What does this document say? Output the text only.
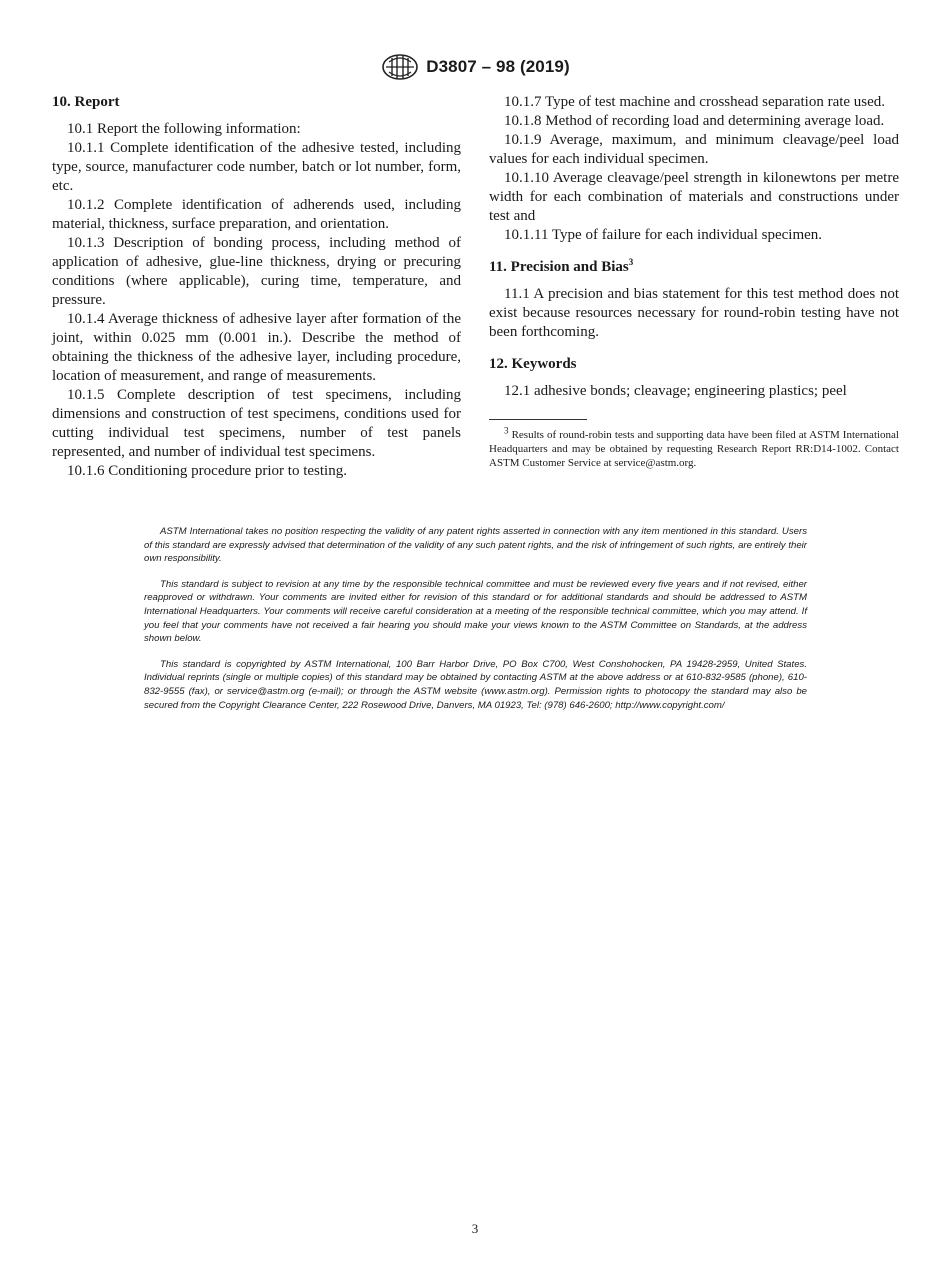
D3807 – 98 (2019)

10. Report

10.1 Report the following information:

10.1.1 Complete identification of the adhesive tested, including type, source, manufacturer code number, batch or lot number, form, etc.

10.1.2 Complete identification of adherends used, including material, thickness, surface preparation, and orientation.

10.1.3 Description of bonding process, including method of application of adhesive, glue-line thickness, drying or precuring conditions (where applicable), curing time, temperature, and pressure.

10.1.4 Average thickness of adhesive layer after formation of the joint, within 0.025 mm (0.001 in.). Describe the method of obtaining the thickness of the adhesive layer, including procedure, location of measurement, and range of measurements.

10.1.5 Complete description of test specimens, including dimensions and construction of test specimens, conditions used for cutting individual test specimens, number of test panels represented, and number of individual test specimens.

10.1.6 Conditioning procedure prior to testing.

10.1.7 Type of test machine and crosshead separation rate used.

10.1.8 Method of recording load and determining average load.

10.1.9 Average, maximum, and minimum cleavage/peel load values for each individual specimen.

10.1.10 Average cleavage/peel strength in kilonewtons per metre width for each combination of materials and constructions under test and

10.1.11 Type of failure for each individual specimen.

11. Precision and Bias$^3$

11.1 A precision and bias statement for this test method does not exist because resources necessary for round-robin testing have not been forthcoming.

12. Keywords

12.1 adhesive bonds; cleavage; engineering plastics; peel

$^3$ Results of round-robin tests and supporting data have been filed at ASTM International Headquarters and may be obtained by requesting Research Report RR:D14-1002. Contact ASTM Customer Service at service@astm.org.

ASTM International takes no position respecting the validity of any patent rights asserted in connection with any item mentioned in this standard. Users of this standard are expressly advised that determination of the validity of any such patent rights, and the risk of infringement of such rights, are entirely their own responsibility.

This standard is subject to revision at any time by the responsible technical committee and must be reviewed every five years and if not revised, either reapproved or withdrawn. Your comments are invited either for revision of this standard or for additional standards and should be addressed to ASTM International Headquarters. Your comments will receive careful consideration at a meeting of the responsible technical committee, which you may attend. If you feel that your comments have not received a fair hearing you should make your views known to the ASTM Committee on Standards, at the address shown below.

This standard is copyrighted by ASTM International, 100 Barr Harbor Drive, PO Box C700, West Conshohocken, PA 19428-2959, United States. Individual reprints (single or multiple copies) of this standard may be obtained by contacting ASTM at the above address or at 610-832-9585 (phone), 610-832-9555 (fax), or service@astm.org (e-mail); or through the ASTM website (www.astm.org). Permission rights to photocopy the standard may also be secured from the Copyright Clearance Center, 222 Rosewood Drive, Danvers, MA 01923, Tel: (978) 646-2600; http://www.copyright.com/

3
